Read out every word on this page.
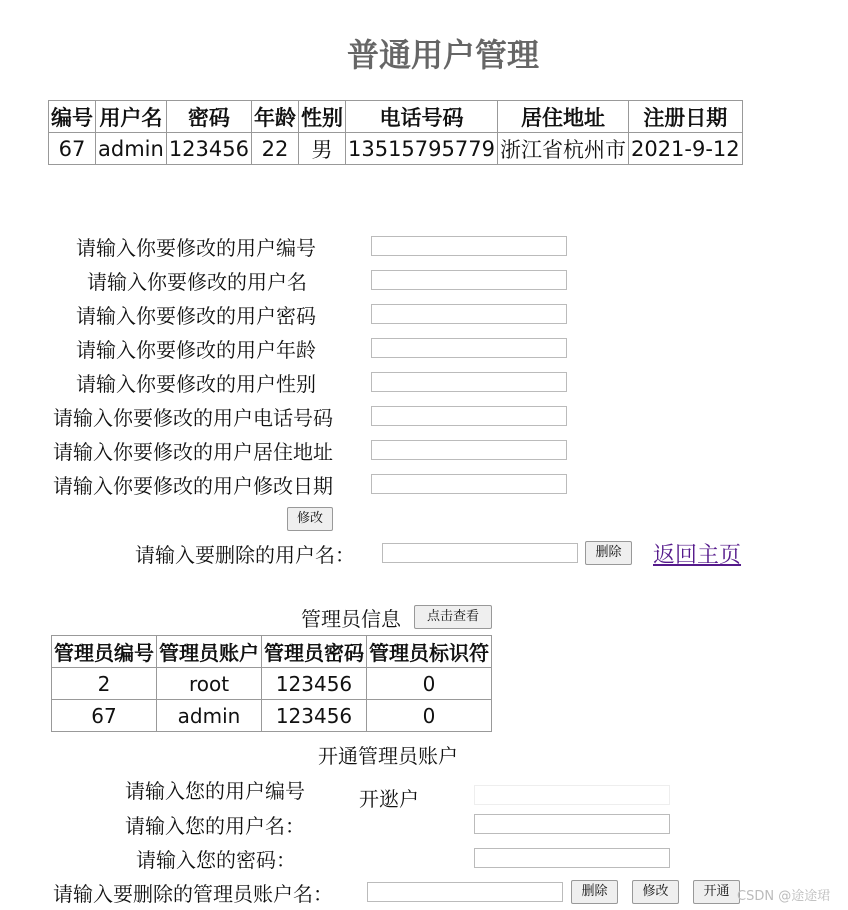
普通用户管理
编号	用户名	密码	年龄	性别	电话号码	居住地址	注册日期
67	admin	123456	22	男	13515795779	浙江省杭州市	2021-9-12
请输入你要修改的用户编号
请输入你要修改的用户名
请输入你要修改的用户密码
请输入你要修改的用户年龄
请输入你要修改的用户性别
请输入你要修改的用户电话号码
请输入你要修改的用户居住地址
请输入你要修改的用户修改日期
修改
请输入要删除的用户名：	删除	返回主页
管理员信息	点击查看
管理员编号	管理员账户	管理员密码	管理员标识符
2	root	123456	0
67	admin	123456	0
开通管理员账户
请输入您的用户编号	开逖户
请输入您的用户名：
请输入您的密码：
请输入要删除的管理员账户名：	删除	修改	开通 CSDN @途途珺
